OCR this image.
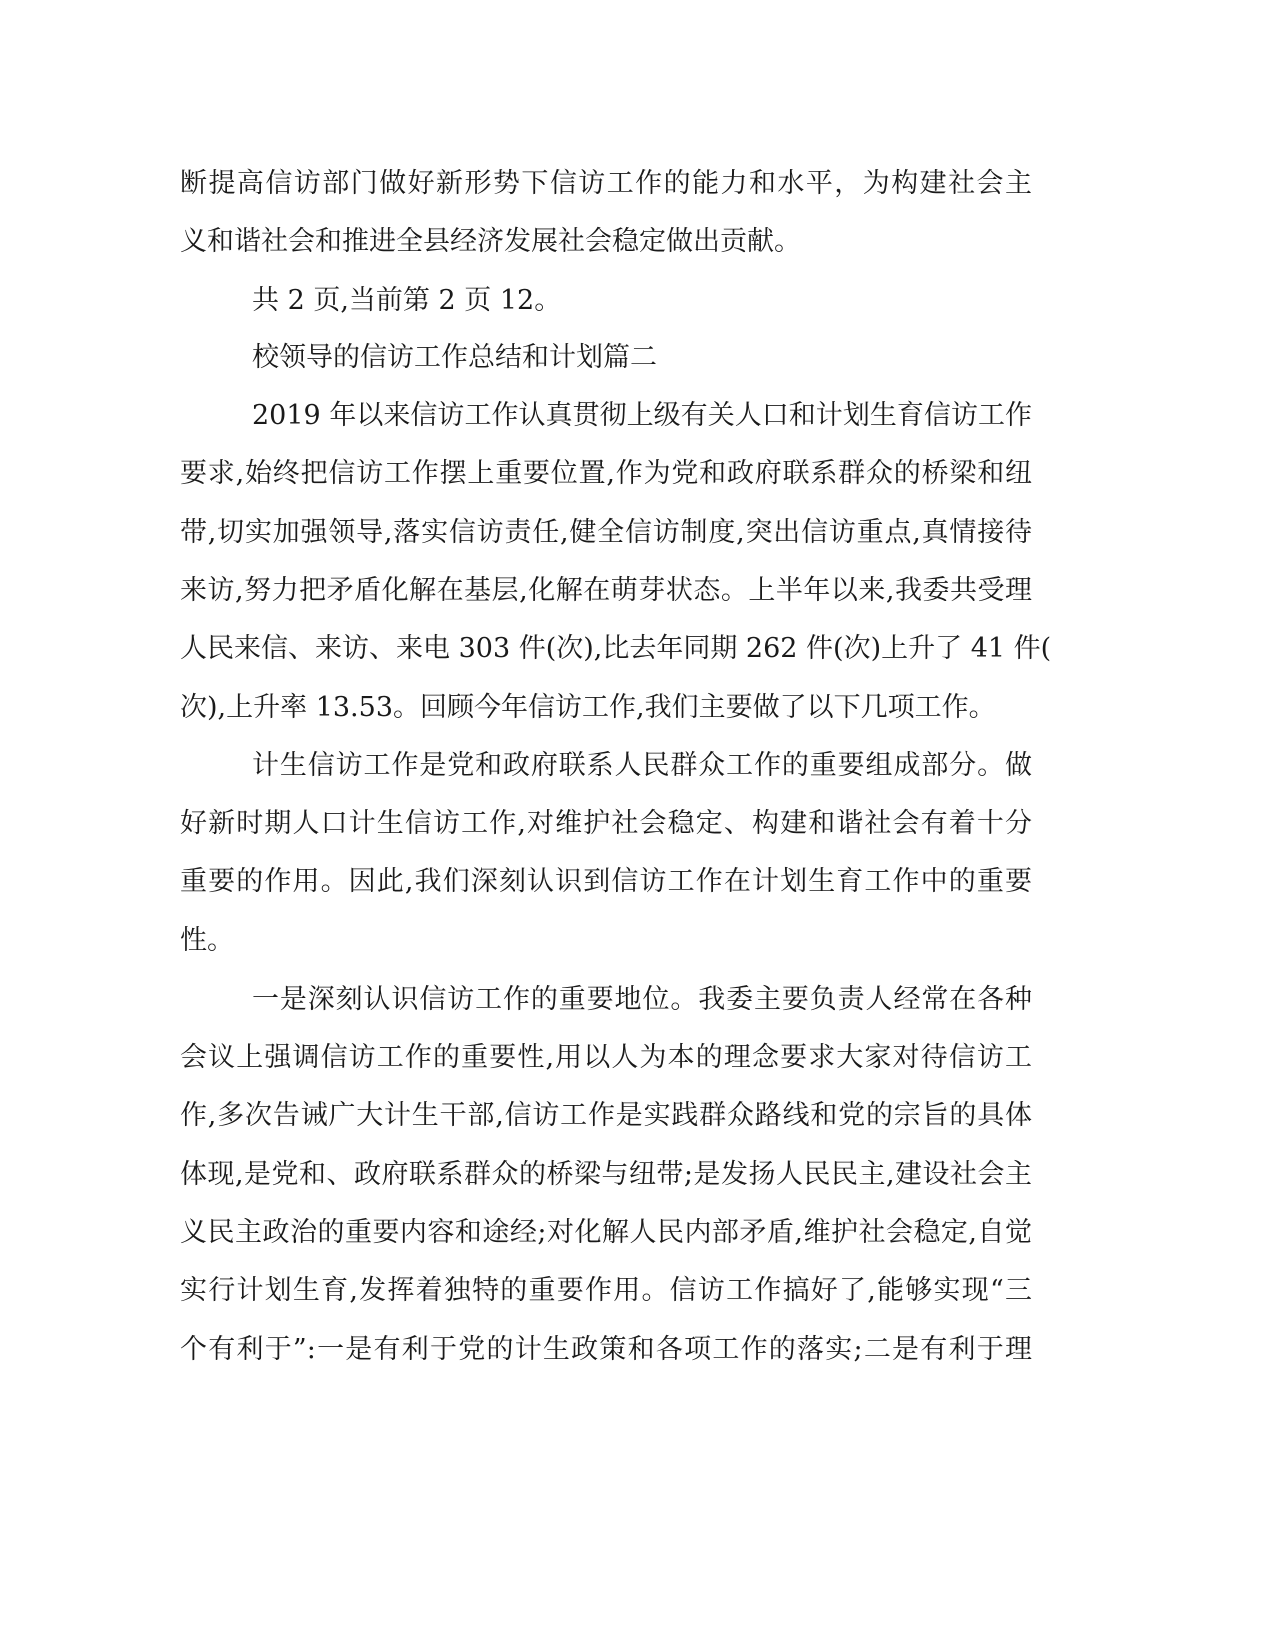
断提高信访部门做好新形势下信访工作的能力和水平，为构建社会主
义和谐社会和推进全县经济发展社会稳定做出贡献。
共 2 页,当前第 2 页 12。
校领导的信访工作总结和计划篇二
2019 年以来信访工作认真贯彻上级有关人口和计划生育信访工作
要求,始终把信访工作摆上重要位置,作为党和政府联系群众的桥梁和纽
带,切实加强领导,落实信访责任,健全信访制度,突出信访重点,真情接待
来访,努力把矛盾化解在基层,化解在萌芽状态。上半年以来,我委共受理
人民来信、来访、来电 303 件(次),比去年同期 262 件(次)上升了 41 件(
次),上升率 13.53。回顾今年信访工作,我们主要做了以下几项工作。
计生信访工作是党和政府联系人民群众工作的重要组成部分。做
好新时期人口计生信访工作,对维护社会稳定、构建和谐社会有着十分
重要的作用。因此,我们深刻认识到信访工作在计划生育工作中的重要
性。
一是深刻认识信访工作的重要地位。我委主要负责人经常在各种
会议上强调信访工作的重要性,用以人为本的理念要求大家对待信访工
作,多次告诫广大计生干部,信访工作是实践群众路线和党的宗旨的具体
体现,是党和、政府联系群众的桥梁与纽带;是发扬人民民主,建设社会主
义民主政治的重要内容和途经;对化解人民内部矛盾,维护社会稳定,自觉
实行计划生育,发挥着独特的重要作用。信访工作搞好了,能够实现“三
个有利于”:一是有利于党的计生政策和各项工作的落实;二是有利于理
